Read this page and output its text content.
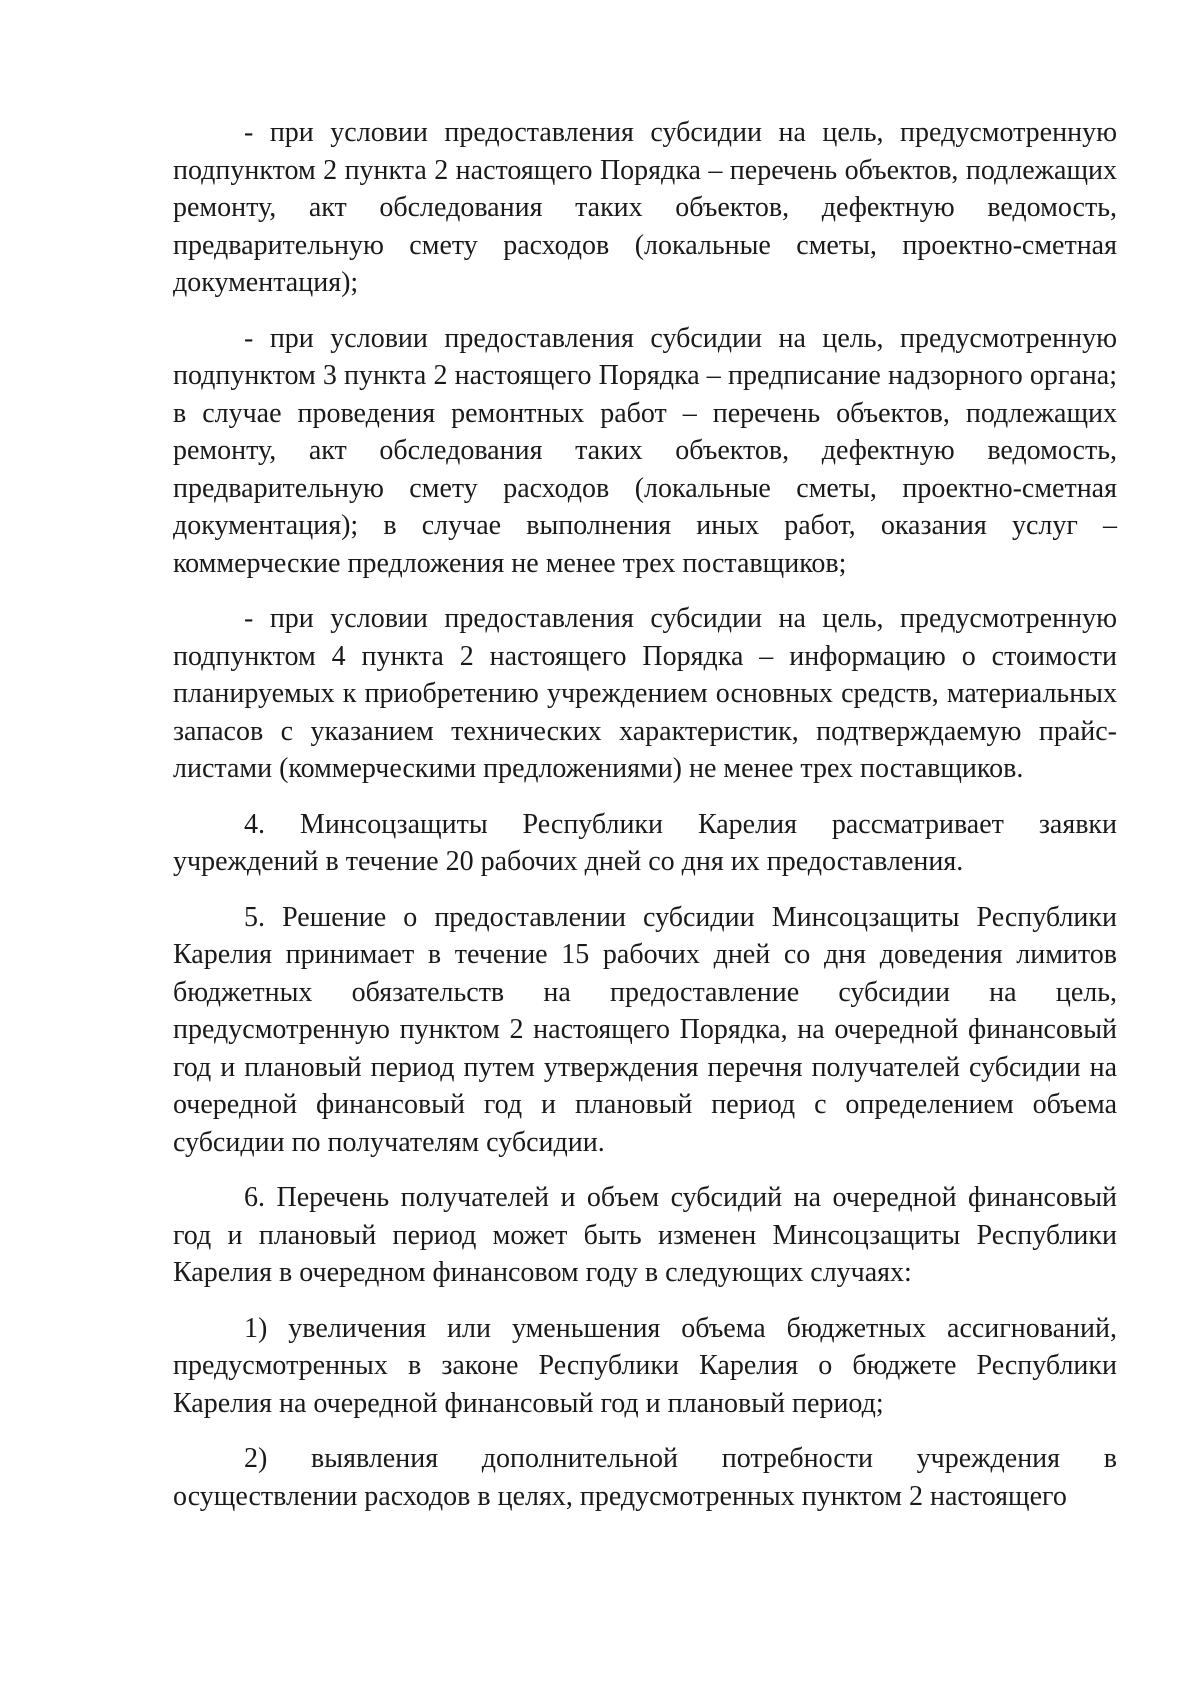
- при условии предоставления субсидии на цель, предусмотренную подпунктом 2 пункта 2 настоящего Порядка – перечень объектов, подлежащих ремонту, акт обследования таких объектов, дефектную ведомость, предварительную смету расходов (локальные сметы, проектно-сметная документация);

- при условии предоставления субсидии на цель, предусмотренную подпунктом 3 пункта 2 настоящего Порядка – предписание надзорного органа; в случае проведения ремонтных работ – перечень объектов, подлежащих ремонту, акт обследования таких объектов, дефектную ведомость, предварительную смету расходов (локальные сметы, проектно-сметная документация); в случае выполнения иных работ, оказания услуг – коммерческие предложения не менее трех поставщиков;

- при условии предоставления субсидии на цель, предусмотренную подпунктом 4 пункта 2 настоящего Порядка – информацию о стоимости планируемых к приобретению учреждением основных средств, материальных запасов с указанием технических характеристик, подтверждаемую прайс-листами (коммерческими предложениями) не менее трех поставщиков.

4. Минсоцзащиты Республики Карелия рассматривает заявки учреждений в течение 20 рабочих дней со дня их предоставления.

5. Решение о предоставлении субсидии Минсоцзащиты Республики Карелия принимает в течение 15 рабочих дней со дня доведения лимитов бюджетных обязательств на предоставление субсидии на цель, предусмотренную пунктом 2 настоящего Порядка, на очередной финансовый год и плановый период путем утверждения перечня получателей субсидии на очередной финансовый год и плановый период с определением объема субсидии по получателям субсидии.

6. Перечень получателей и объем субсидий на очередной финансовый год и плановый период может быть изменен Минсоцзащиты Республики Карелия в очередном финансовом году в следующих случаях:

1) увеличения или уменьшения объема бюджетных ассигнований, предусмотренных в законе Республики Карелия о бюджете Республики Карелия на очередной финансовый год и плановый период;

2) выявления дополнительной потребности учреждения в осуществлении расходов в целях, предусмотренных пунктом 2 настоящего
